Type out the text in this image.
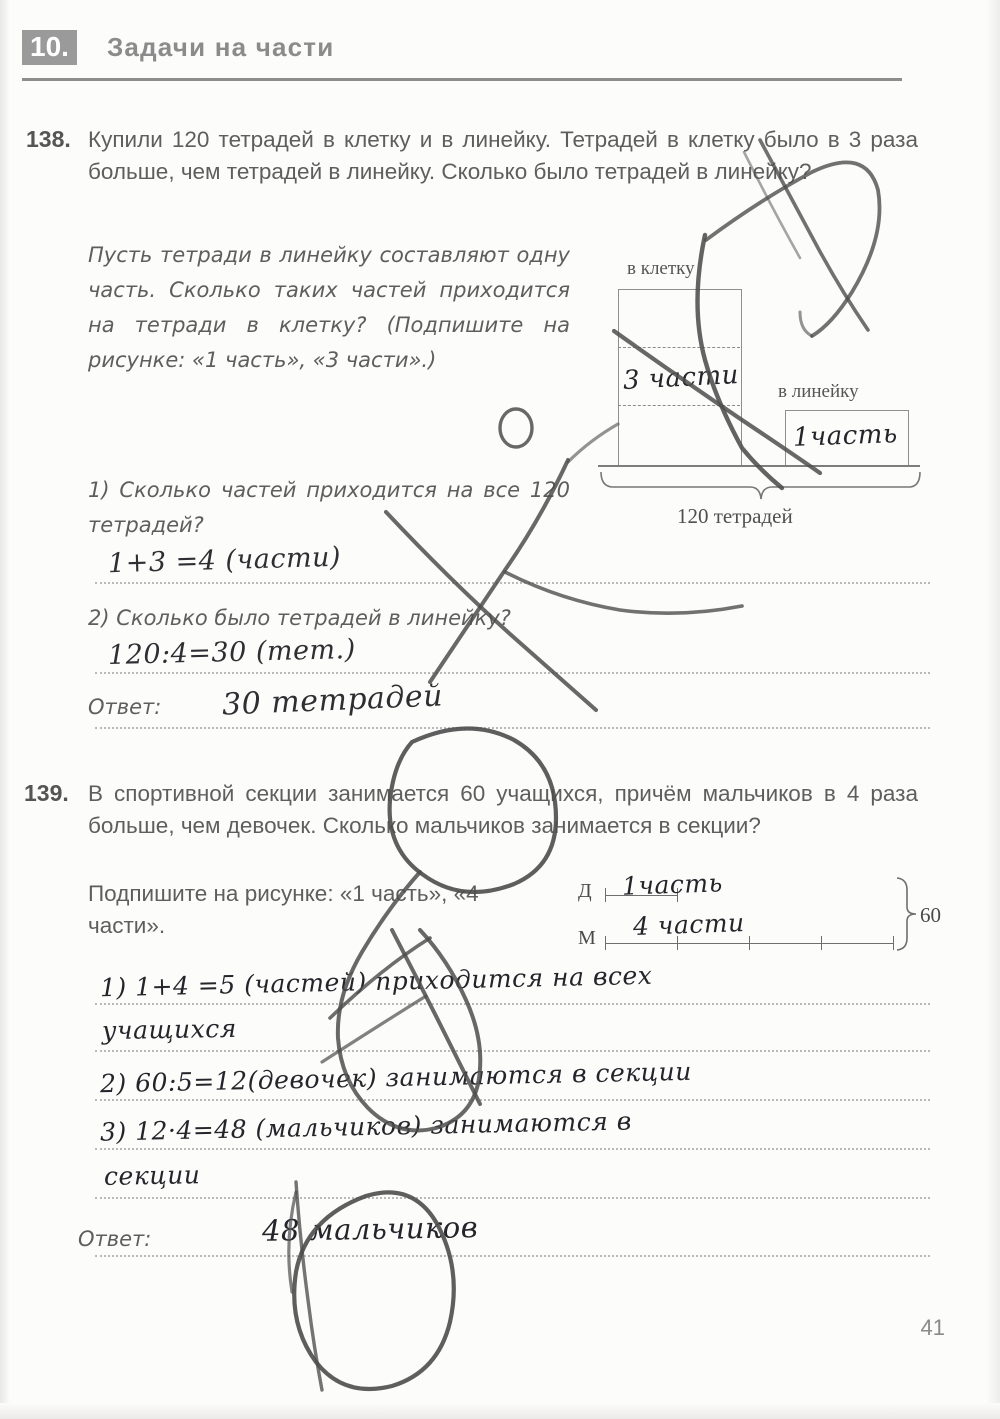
10.	Задачи на части
138. Купили 120 тетрадей в клетку и в линейку. Тетрадей в клетку было в 3 раза больше, чем тетрадей в линейку. Сколько было тетрадей в линейку?
Пусть тетради в линейку составляют одну часть. Сколько таких частей приходится на тетради в клетку? (Подпишите на рисунке: «1 часть», «3 части».)
1) Сколько частей приходится на все 120 тетрадей?
1+3 =4 (части)
2) Сколько было тетрадей в линейку?
120:4=30 (тет.)
Ответ: 30 тетрадей
в клетку
в линейку
120 тетрадей
3 части
1часть
139. В спортивной секции занимается 60 учащихся, причём мальчиков в 4 раза больше, чем девочек. Сколько мальчиков занимается в секции?
Подпишите на рисунке: «1 часть», «4 части».
Д
М
60
1часть
4 части
1) 1+4 =5 (частей) приходится на всех
учащихся
2) 60:5=12(девочек) занимаются в секции
3) 12·4=48 (мальчиков) занимаются в
секции
Ответ:	48 мальчиков
41
